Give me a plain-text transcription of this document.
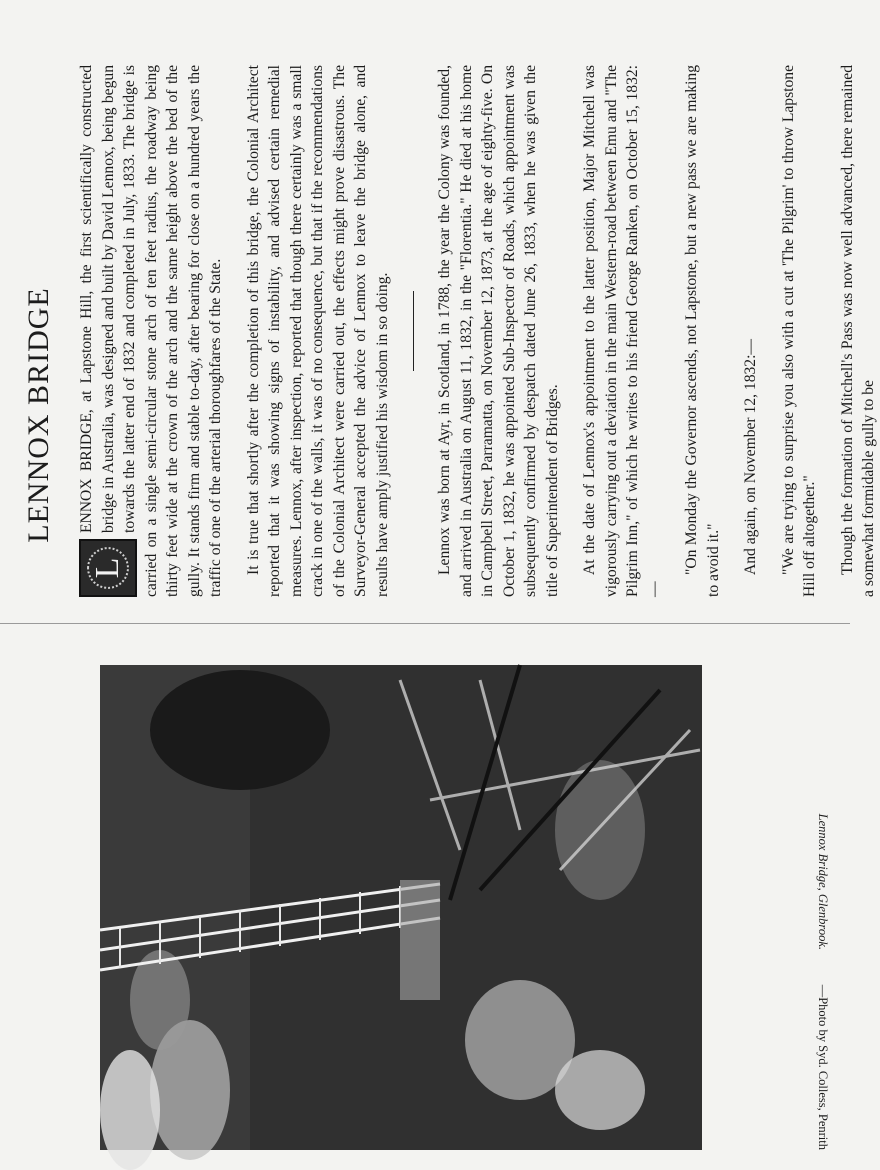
Lennox Bridge, Glenbrook.
—Photo by Syd. Colless, Penrith
LENNOX BRIDGE

L
ENNOX BRIDGE, at Lapstone Hill, the first scientifically constructed bridge in Australia, was designed and built by David Lennox, being begun towards the latter end of 1832 and completed in July, 1833. The bridge is carried on a single semi-circular stone arch of ten feet radius, the roadway being thirty feet wide at the crown of the arch and the same height above the bed of the gully. It stands firm and stable to-day, after bearing for close on a hundred years the traffic of one of the arterial thoroughfares of the State. It is true that shortly after the completion of this bridge, the Colonial Architect reported that it was showing signs of instability, and advised certain remedial measures. Lennox, after inspection, reported that though there certainly was a small crack in one of the walls, it was of no consequence, but that if the recommendations of the Colonial Architect were carried out, the effects might prove disastrous. The Surveyor-General accepted the advice of Lennox to leave the bridge alone, and results have amply justified his wisdom in so doing.	Lennox was born at Ayr, in Scotland, in 1788, the year the Colony was founded, and arrived in Australia on August 11, 1832, in the "Florentia." He died at his home in Campbell Street, Parramatta, on November 12, 1873, at the age of eighty-five. On October 1, 1832, he was appointed Sub-Inspector of Roads, which appointment was subsequently confirmed by despatch dated June 26, 1833, when he was given the title of Superintendent of Bridges. At the date of Lennox's appointment to the latter position, Major Mitchell was vigorously carrying out a deviation in the main Western-road between Emu and "The Pilgrim Inn," of which he writes to his friend George Ranken, on October 15, 1832:—

"On Monday the Governor ascends, not Lapstone, but a new pass we are making to avoid it." And again, on November 12, 1832:— "We are trying to surprise you also with a cut at 'The Pilgrim' to throw Lapstone Hill off altogether." Though the formation of Mitchell's Pass was now well advanced, there remained a somewhat formidable gully to be
